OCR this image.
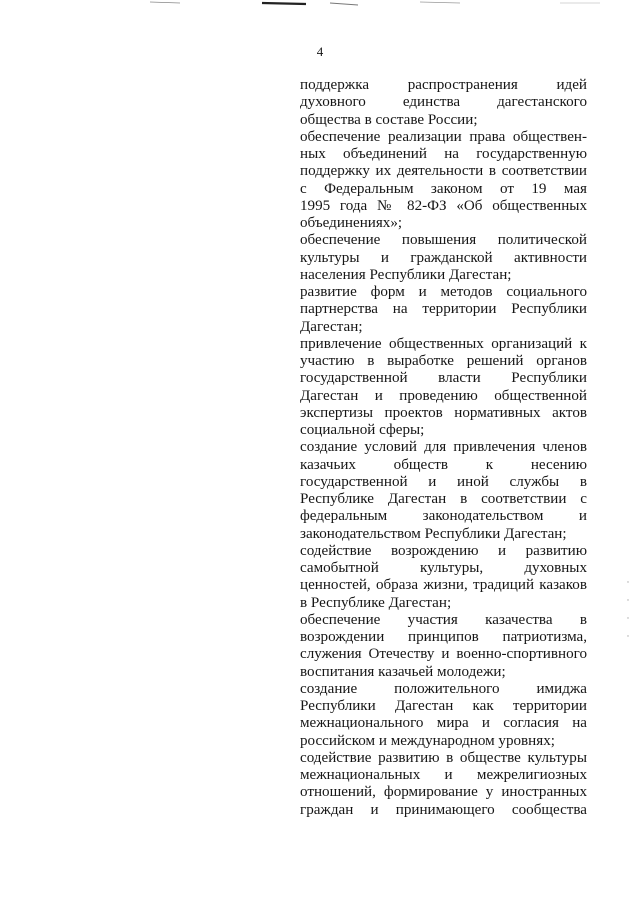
4
поддержка распространения идей
духовного единства дагестанского
общества в составе России;
обеспечение реализации права обществен-
ных объединений на государственную
поддержку их деятельности в соответствии
с Федеральным законом от 19 мая
1995 года № 82-ФЗ «Об общественных
объединениях»;
обеспечение повышения политической
культуры и гражданской активности
населения Республики Дагестан;
развитие форм и методов социального
партнерства на территории Республики
Дагестан;
привлечение общественных организаций к
участию в выработке решений органов
государственной власти Республики
Дагестан и проведению общественной
экспертизы проектов нормативных актов
социальной сферы;
создание условий для привлечения членов
казачьих обществ к несению
государственной и иной службы в
Республике Дагестан в соответствии с
федеральным законодательством и
законодательством Республики Дагестан;
содействие возрождению и развитию
самобытной культуры, духовных
ценностей, образа жизни, традиций казаков
в Республике Дагестан;
обеспечение участия казачества в
возрождении принципов патриотизма,
служения Отечеству и военно-спортивного
воспитания казачьей молодежи;
создание положительного имиджа
Республики Дагестан как территории
межнационального мира и согласия на
российском и международном уровнях;
содействие развитию в обществе культуры
межнациональных и межрелигиозных
отношений, формирование у иностранных
граждан и принимающего сообщества
